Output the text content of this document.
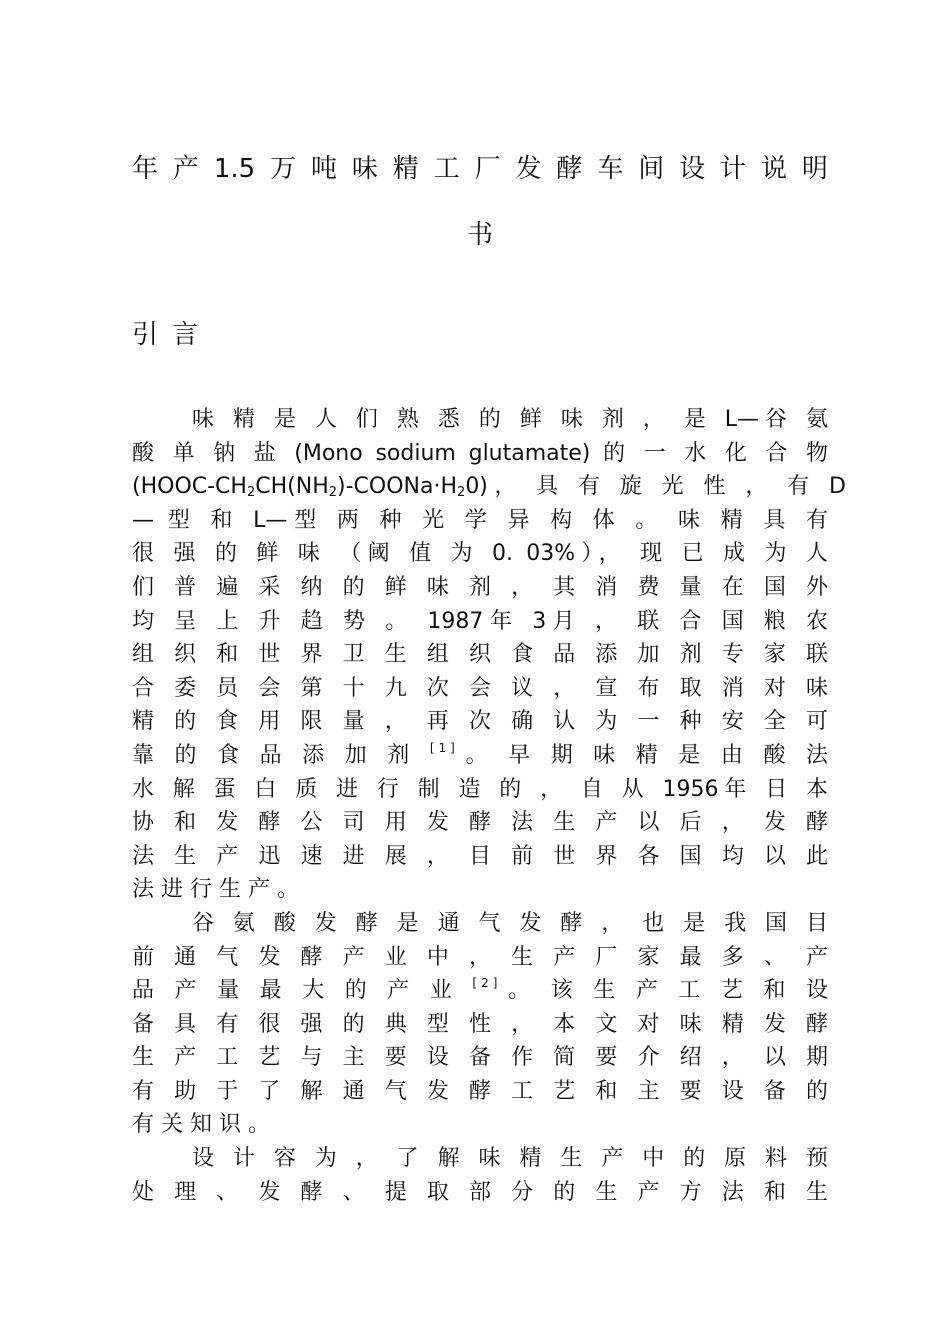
年 产 1.5 万 吨 味 精 工 厂 发 酵 车 间 设 计 说 明
书
引言
味 精 是 人 们 熟 悉 的 鲜 味 剂 ， 是 L—谷 氨
酸 单 钠 盐 (Mono sodium glutamate) 的 一 水 化 合 物
$(HOOC-CH_2CH(NH_2)-COONa\cdot H_20)$， 具 有 旋 光 性 ， 有 D
— 型 和 L—型 两 种 光 学 异 构 体 。 味 精 具 有
很 强 的 鲜 味 （阈 值 为 0. 03%）， 现 已 成 为 人
们 普 遍 采 纳 的 鲜 味 剂 ， 其 消 费 量 在 国 外
均 呈 上 升 趋 势 。 1987年 3月 ， 联 合 国 粮 农
组 织 和 世 界 卫 生 组 织 食 品 添 加 剂 专 家 联
合 委 员 会 第 十 九 次 会 议 ， 宣 布 取 消 对 味
精 的 食 用 限 量 ， 再 次 确 认 为 一 种 安 全 可
靠 的 食 品 添 加 剂 [1]。 早 期 味 精 是 由 酸 法
水 解 蛋 白 质 进 行 制 造 的 ， 自 从 1956年 日 本
协 和 发 酵 公 司 用 发 酵 法 生 产 以 后 ， 发 酵
法 生 产 迅 速 进 展 ， 目 前 世 界 各 国 均 以 此
法 进 行 生 产 。
谷 氨 酸 发 酵 是 通 气 发 酵 ， 也 是 我 国 目
前 通 气 发 酵 产 业 中 ， 生 产 厂 家 最 多 、 产
品 产 量 最 大 的 产 业 [2]。 该 生 产 工 艺 和 设
备 具 有 很 强 的 典 型 性 ， 本 文 对 味 精 发 酵
生 产 工 艺 与 主 要 设 备 作 简 要 介 绍 ， 以 期
有 助 于 了 解 通 气 发 酵 工 艺 和 主 要 设 备 的
有 关 知 识 。
设 计 容 为 ， 了 解 味 精 生 产 中 的 原 料 预
处 理 、 发 酵 、 提 取 部 分 的 生 产 方 法 和 生
